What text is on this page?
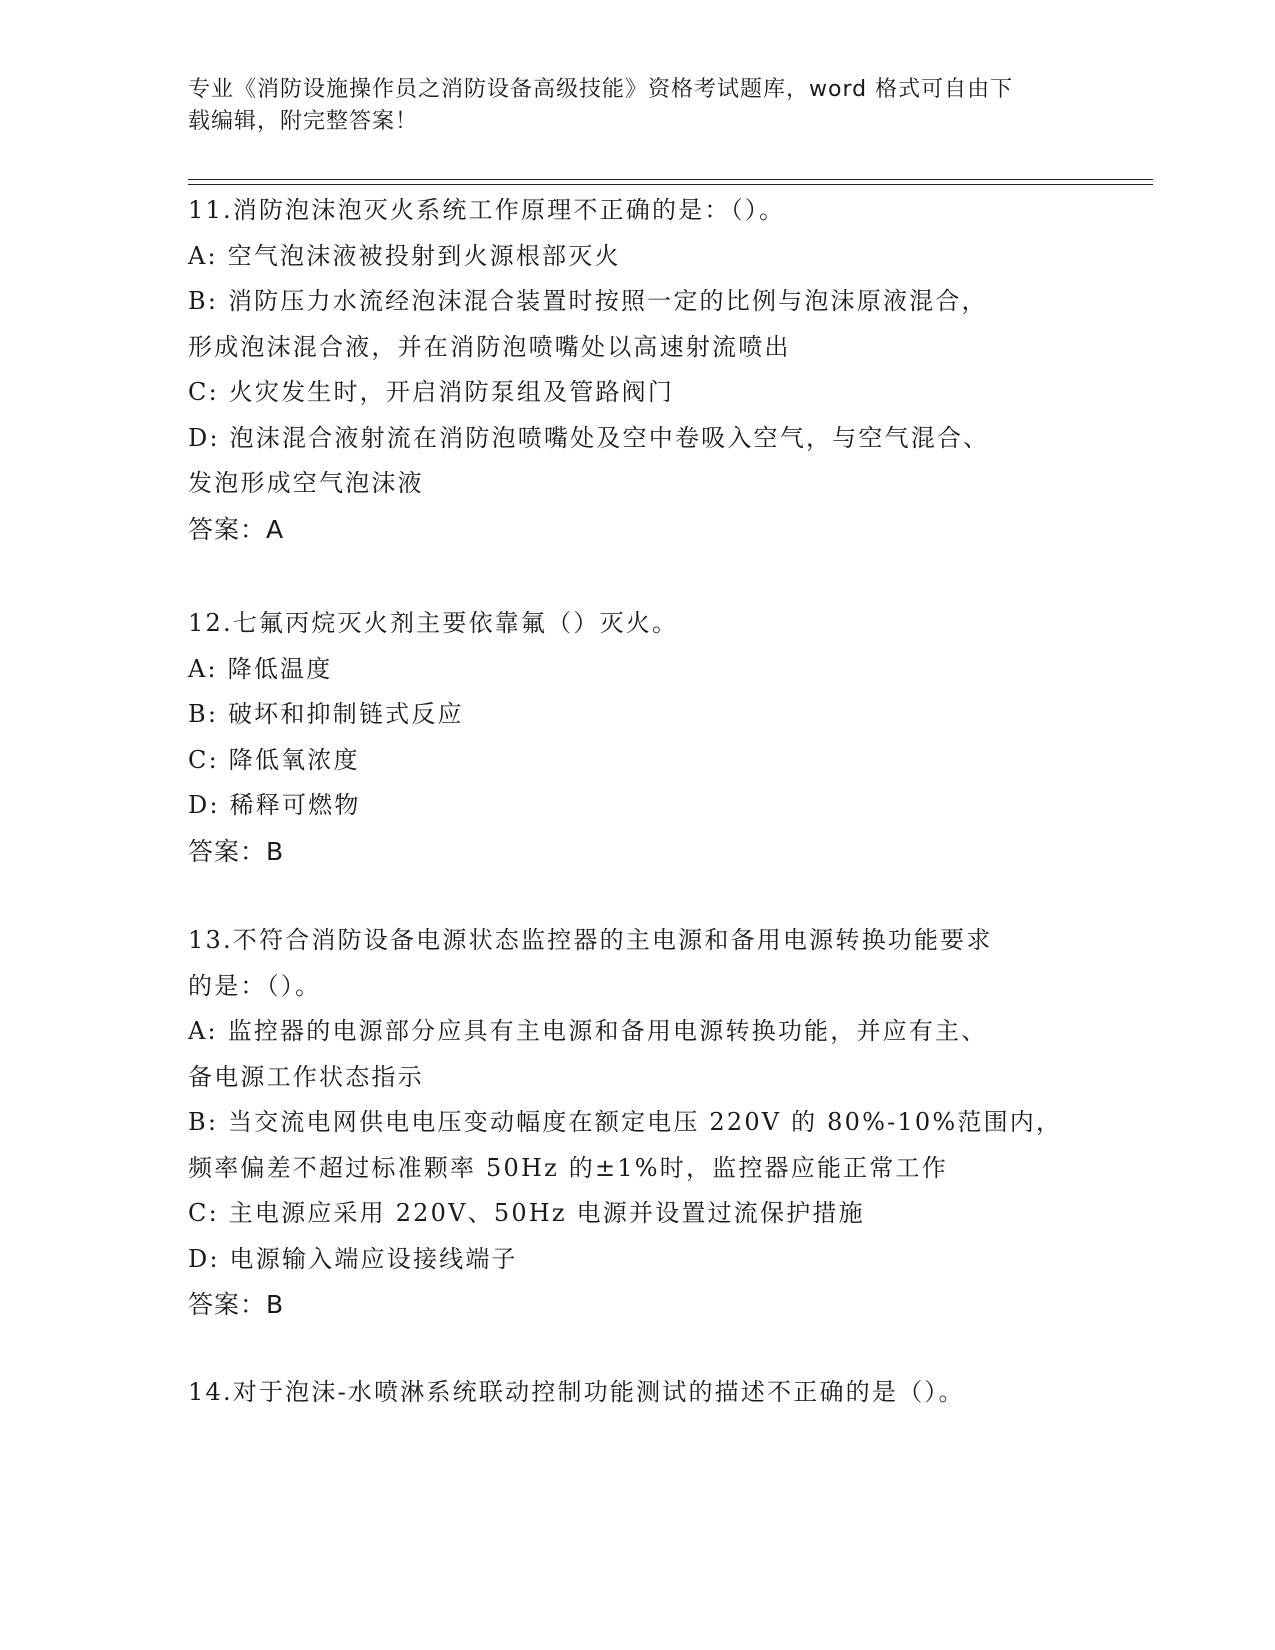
专业《消防设施操作员之消防设备高级技能》资格考试题库，word 格式可自由下
载编辑，附完整答案！
11.消防泡沫泡灭火系统工作原理不正确的是：（）。
A: 空气泡沫液被投射到火源根部灭火
B: 消防压力水流经泡沫混合装置时按照一定的比例与泡沫原液混合，
形成泡沫混合液，并在消防泡喷嘴处以高速射流喷出
C: 火灾发生时，开启消防泵组及管路阀门
D: 泡沫混合液射流在消防泡喷嘴处及空中卷吸入空气，与空气混合、
发泡形成空气泡沫液
答案：A
12.七氟丙烷灭火剂主要依靠氟（）灭火。
A: 降低温度
B: 破坏和抑制链式反应
C: 降低氧浓度
D: 稀释可燃物
答案：B
13.不符合消防设备电源状态监控器的主电源和备用电源转换功能要求
的是：（）。
A: 监控器的电源部分应具有主电源和备用电源转换功能，并应有主、
备电源工作状态指示
B: 当交流电网供电电压变动幅度在额定电压 220V 的 80%-10%范围内，
频率偏差不超过标准颗率 50Hz 的±1%时，监控器应能正常工作
C: 主电源应采用 220V、50Hz 电源并设置过流保护措施
D: 电源输入端应设接线端子
答案：B
14.对于泡沫-水喷淋系统联动控制功能测试的描述不正确的是（）。
